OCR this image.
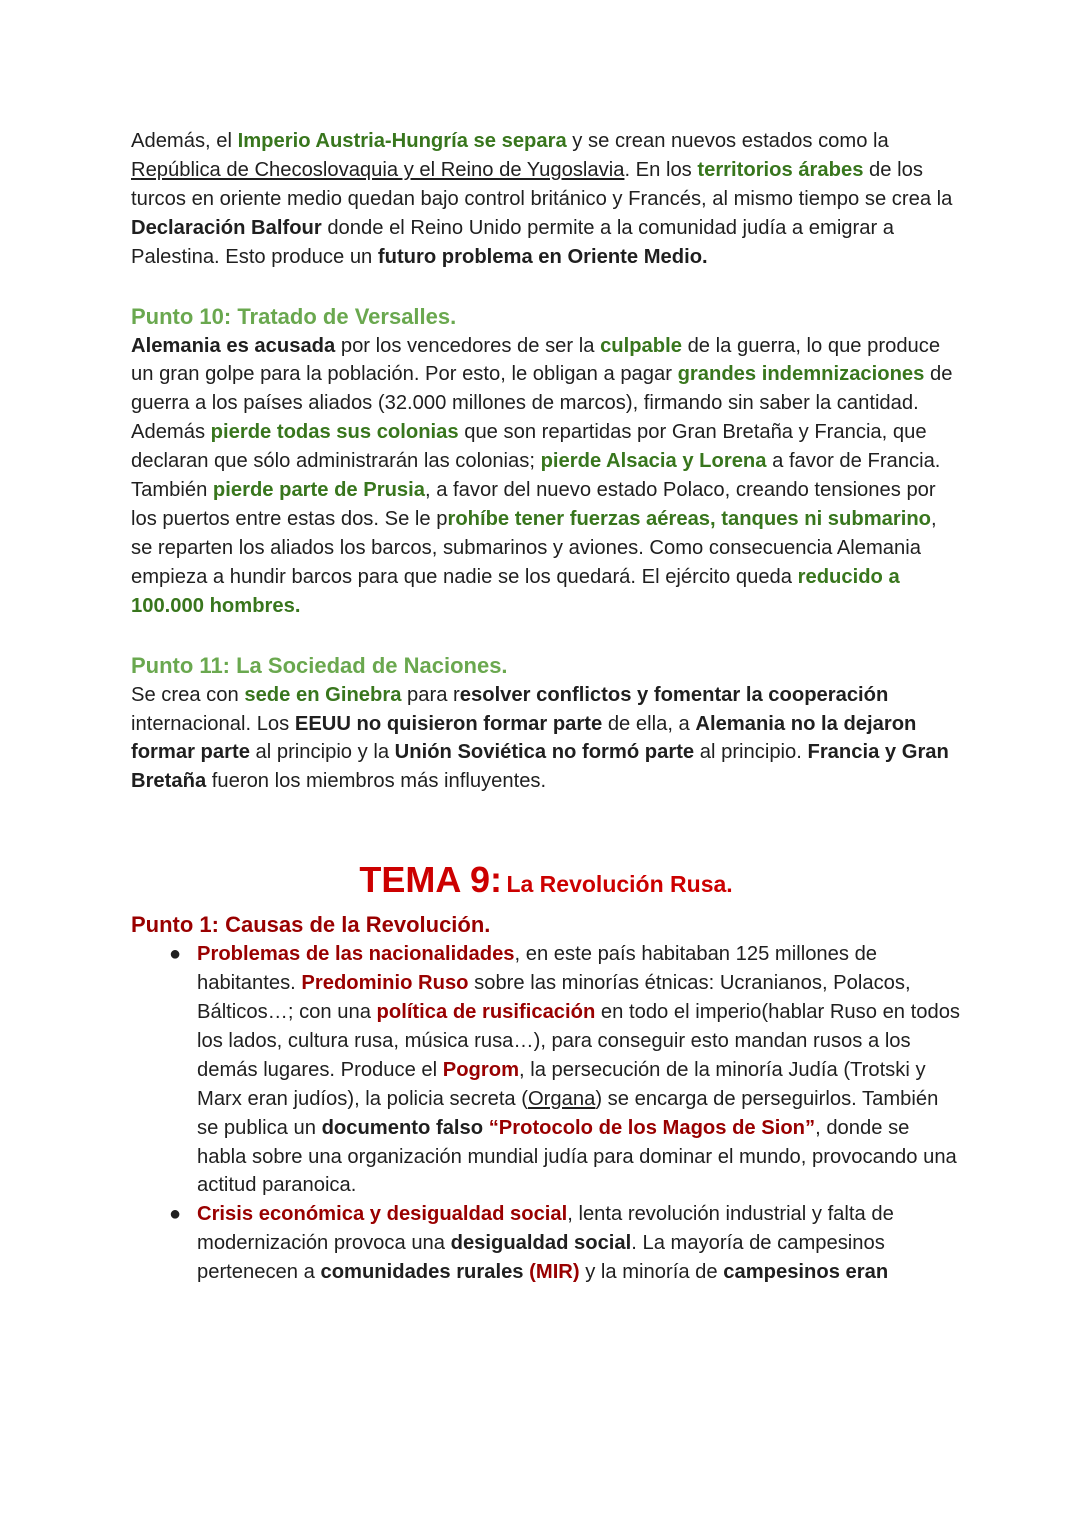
Además, el Imperio Austria-Hungría se separa y se crean nuevos estados como la República de Checoslovaquia y el Reino de Yugoslavia. En los territorios árabes de los turcos en oriente medio quedan bajo control británico y Francés, al mismo tiempo se crea la Declaración Balfour donde el Reino Unido permite a la comunidad judía a emigrar a Palestina. Esto produce un futuro problema en Oriente Medio.

Punto 10: Tratado de Versalles.

Alemania es acusada por los vencedores de ser la culpable de la guerra, lo que produce un gran golpe para la población. Por esto, le obligan a pagar grandes indemnizaciones de guerra a los países aliados (32.000 millones de marcos), firmando sin saber la cantidad. Además pierde todas sus colonias que son repartidas por Gran Bretaña y Francia, que declaran que sólo administrarán las colonias; pierde Alsacia y Lorena a favor de Francia. También pierde parte de Prusia, a favor del nuevo estado Polaco, creando tensiones por los puertos entre estas dos. Se le prohíbe tener fuerzas aéreas, tanques ni submarino, se reparten los aliados los barcos, submarinos y aviones. Como consecuencia Alemania empieza a hundir barcos para que nadie se los quedará. El ejército queda reducido a 100.000 hombres.

Punto 11: La Sociedad de Naciones.

Se crea con sede en Ginebra para resolver conflictos y fomentar la cooperación internacional. Los EEUU no quisieron formar parte de ella, a Alemania no la dejaron formar parte al principio y la Unión Soviética no formó parte al principio. Francia y Gran Bretaña fueron los miembros más influyentes.

TEMA 9: La Revolución Rusa.
Punto 1: Causas de la Revolución.
● Problemas de las nacionalidades, en este país habitaban 125 millones de habitantes. Predominio Ruso sobre las minorías étnicas: Ucranianos, Polacos, Bálticos…; con una política de rusificación en todo el imperio(hablar Ruso en todos los lados, cultura rusa, música rusa…), para conseguir esto mandan rusos a los demás lugares. Produce el Pogrom, la persecución de la minoría Judía (Trotski y Marx eran judíos), la policia secreta (Organa) se encarga de perseguirlos. También se publica un documento falso “Protocolo de los Magos de Sion”, donde se habla sobre una organización mundial judía para dominar el mundo, provocando una actitud paranoica.
● Crisis económica y desigualdad social, lenta revolución industrial y falta de modernización provoca una desigualdad social. La mayoría de campesinos pertenecen a comunidades rurales (MIR) y la minoría de campesinos eran
